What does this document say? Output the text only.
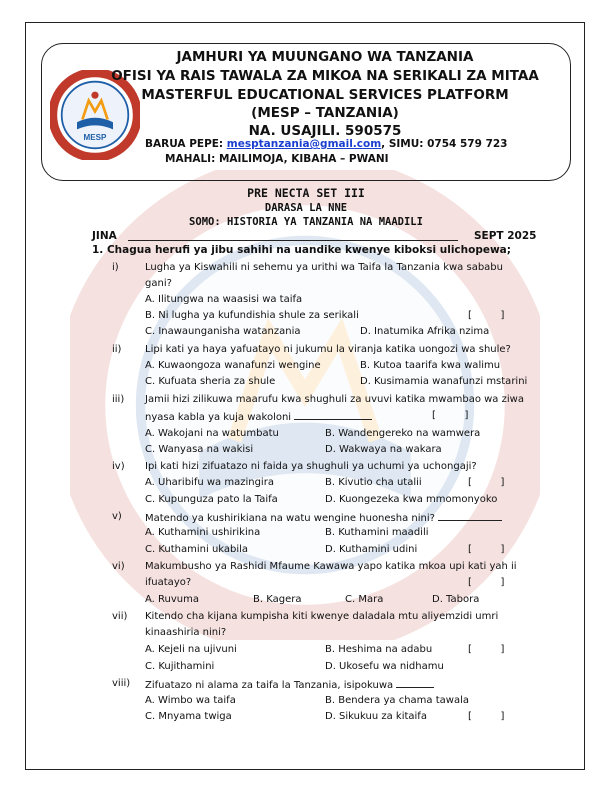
MESP
JAMHURI YA MUUNGANO WA TANZANIA
OFISI YA RAIS TAWALA ZA MIKOA NA SERIKALI ZA MITAA
MASTERFUL EDUCATIONAL SERVICES PLATFORM
(MESP – TANZANIA)
NA. USAJILI. 590575
BARUA PEPE: mesptanzania@gmail.com, SIMU: 0754 579 723
MAHALI: MAILIMOJA, KIBAHA – PWANI
PRE NECTA SET III
DARASA LA NNE
SOMO: HISTORIA YA TANZANIA NA MAADILI
JINA	SEPT 2025
1. Chagua herufi ya jibu sahihi na uandike kwenye kiboksi ulichopewa;
i)	Lugha ya Kiswahili ni sehemu ya urithi wa Taifa la Tanzania kwa sababu
gani?
A. Ilitungwa na waasisi wa taifa
B. Ni lugha ya kufundishia shule za serikali	[         ]
C. Inawaunganisha watanzania	D. Inatumika Afrika nzima
ii) Lipi kati ya haya yafuatayo ni jukumu la viranja katika uongozi wa shule?
A. Kuwaongoza wanafunzi wengine	B. Kutoa taarifa kwa walimu
C. Kufuata sheria za shule	D. Kusimamia wanafunzi mstarini
iii) Jamii hizi zilikuwa maarufu kwa shughuli za uvuvi katika mwambao wa ziwa
nyasa kabla ya kuja wakoloni	[         ]
A. Wakojani na watumbatu	B. Wandengereko na wamwera
C. Wanyasa na wakisi	D. Wakwaya na wakara
iv) Ipi kati hizi zifuatazo ni faida ya shughuli ya uchumi ya uchongaji?
A. Uharibifu wa mazingira	B. Kivutio cha utalii	[         ]
C. Kupunguza pato la Taifa	D. Kuongezeka kwa mmomonyoko
v) Matendo ya kushirikiana na watu wengine huonesha nini?
A. Kuthamini ushirikina	B. Kuthamini maadili
C. Kuthamini ukabila	D. Kuthamini udini	[         ]
vi) Makumbusho ya Rashidi Mfaume Kawawa yapo katika mkoa upi kati yah ii
ifuatayo?	[         ]
A. Ruvuma	B. Kagera	C. Mara	D. Tabora
vii) Kitendo cha kijana kumpisha kiti kwenye daladala mtu aliyemzidi umri
kinaashiria nini?
A. Kejeli na ujivuni	B. Heshima na adabu	[         ]
C. Kujithamini	D. Ukosefu wa nidhamu
viii) Zifuatazo ni alama za taifa la Tanzania, isipokuwa
A. Wimbo wa taifa	B. Bendera ya chama tawala
C. Mnyama twiga	D. Sikukuu za kitaifa	[         ]
